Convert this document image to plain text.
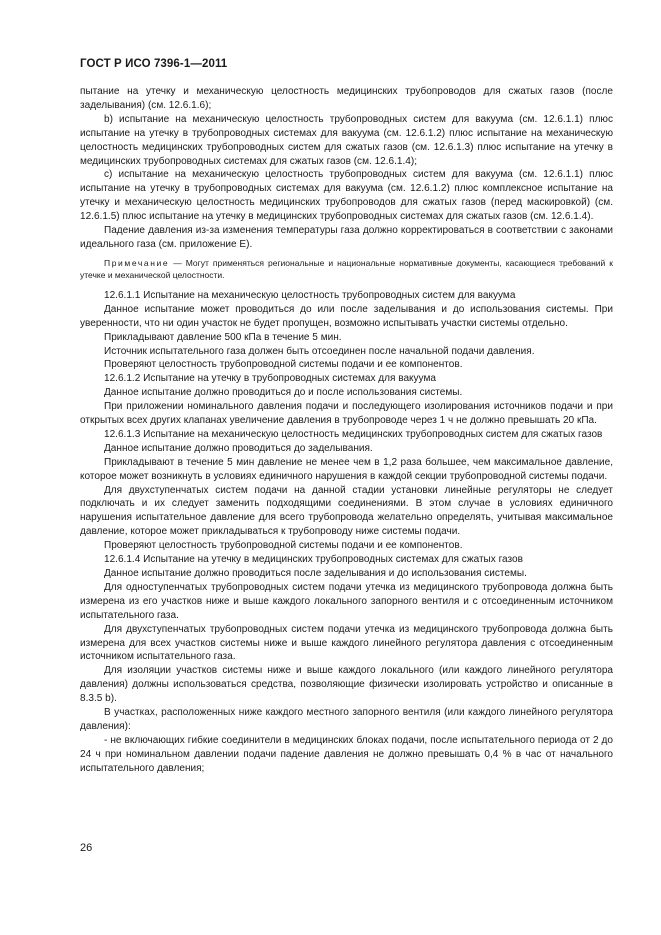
ГОСТ Р ИСО 7396-1—2011

пытание на утечку и механическую целостность медицинских трубопроводов для сжатых газов (после заделывания) (см. 12.6.1.6);

b) испытание на механическую целостность трубопроводных систем для вакуума (см. 12.6.1.1) плюс испытание на утечку в трубопроводных системах для вакуума (см. 12.6.1.2) плюс испытание на механическую целостность медицинских трубопроводных систем для сжатых газов (см. 12.6.1.3) плюс испытание на утечку в медицинских трубопроводных системах для сжатых газов (см. 12.6.1.4);

c) испытание на механическую целостность трубопроводных систем для вакуума (см. 12.6.1.1) плюс испытание на утечку в трубопроводных системах для вакуума (см. 12.6.1.2) плюс комплексное испытание на утечку и механическую целостность медицинских трубопроводов для сжатых газов (перед маскировкой) (см. 12.6.1.5) плюс испытание на утечку в медицинских трубопроводных системах для сжатых газов (см. 12.6.1.4).

Падение давления из-за изменения температуры газа должно корректироваться в соответствии с законами идеального газа (см. приложение E).

Примечание — Могут применяться региональные и национальные нормативные документы, касающиеся требований к утечке и механической целостности.

12.6.1.1 Испытание на механическую целостность трубопроводных систем для вакуума

Данное испытание может проводиться до или после заделывания и до использования системы. При уверенности, что ни один участок не будет пропущен, возможно испытывать участки системы отдельно.

Прикладывают давление 500 кПа в течение 5 мин.

Источник испытательного газа должен быть отсоединен после начальной подачи давления.

Проверяют целостность трубопроводной системы подачи и ее компонентов.

12.6.1.2 Испытание на утечку в трубопроводных системах для вакуума

Данное испытание должно проводиться до и после использования системы.

При приложении номинального давления подачи и последующего изолирования источников подачи и при открытых всех других клапанах увеличение давления в трубопроводе через 1 ч не должно превышать 20 кПа.

12.6.1.3 Испытание на механическую целостность медицинских трубопроводных систем для сжатых газов

Данное испытание должно проводиться до заделывания.

Прикладывают в течение 5 мин давление не менее чем в 1,2 раза большее, чем максимальное давление, которое может возникнуть в условиях единичного нарушения в каждой секции трубопроводной системы подачи.

Для двухступенчатых систем подачи на данной стадии установки линейные регуляторы не следует подключать и их следует заменить подходящими соединениями. В этом случае в условиях единичного нарушения испытательное давление для всего трубопровода желательно определять, учитывая максимальное давление, которое может прикладываться к трубопроводу ниже системы подачи.

Проверяют целостность трубопроводной системы подачи и ее компонентов.

12.6.1.4 Испытание на утечку в медицинских трубопроводных системах для сжатых газов

Данное испытание должно проводиться после заделывания и до использования системы.

Для одноступенчатых трубопроводных систем подачи утечка из медицинского трубопровода должна быть измерена из его участков ниже и выше каждого локального запорного вентиля и с отсоединенным источником испытательного газа.

Для двухступенчатых трубопроводных систем подачи утечка из медицинского трубопровода должна быть измерена для всех участков системы ниже и выше каждого линейного регулятора давления с отсоединенным источником испытательного газа.

Для изоляции участков системы ниже и выше каждого локального (или каждого линейного регулятора давления) должны использоваться средства, позволяющие физически изолировать устройство и описанные в 8.3.5 b).

В участках, расположенных ниже каждого местного запорного вентиля (или каждого линейного регулятора давления):

- не включающих гибкие соединители в медицинских блоках подачи, после испытательного периода от 2 до 24 ч при номинальном давлении подачи падение давления не должно превышать 0,4 % в час от начального испытательного давления;

26
